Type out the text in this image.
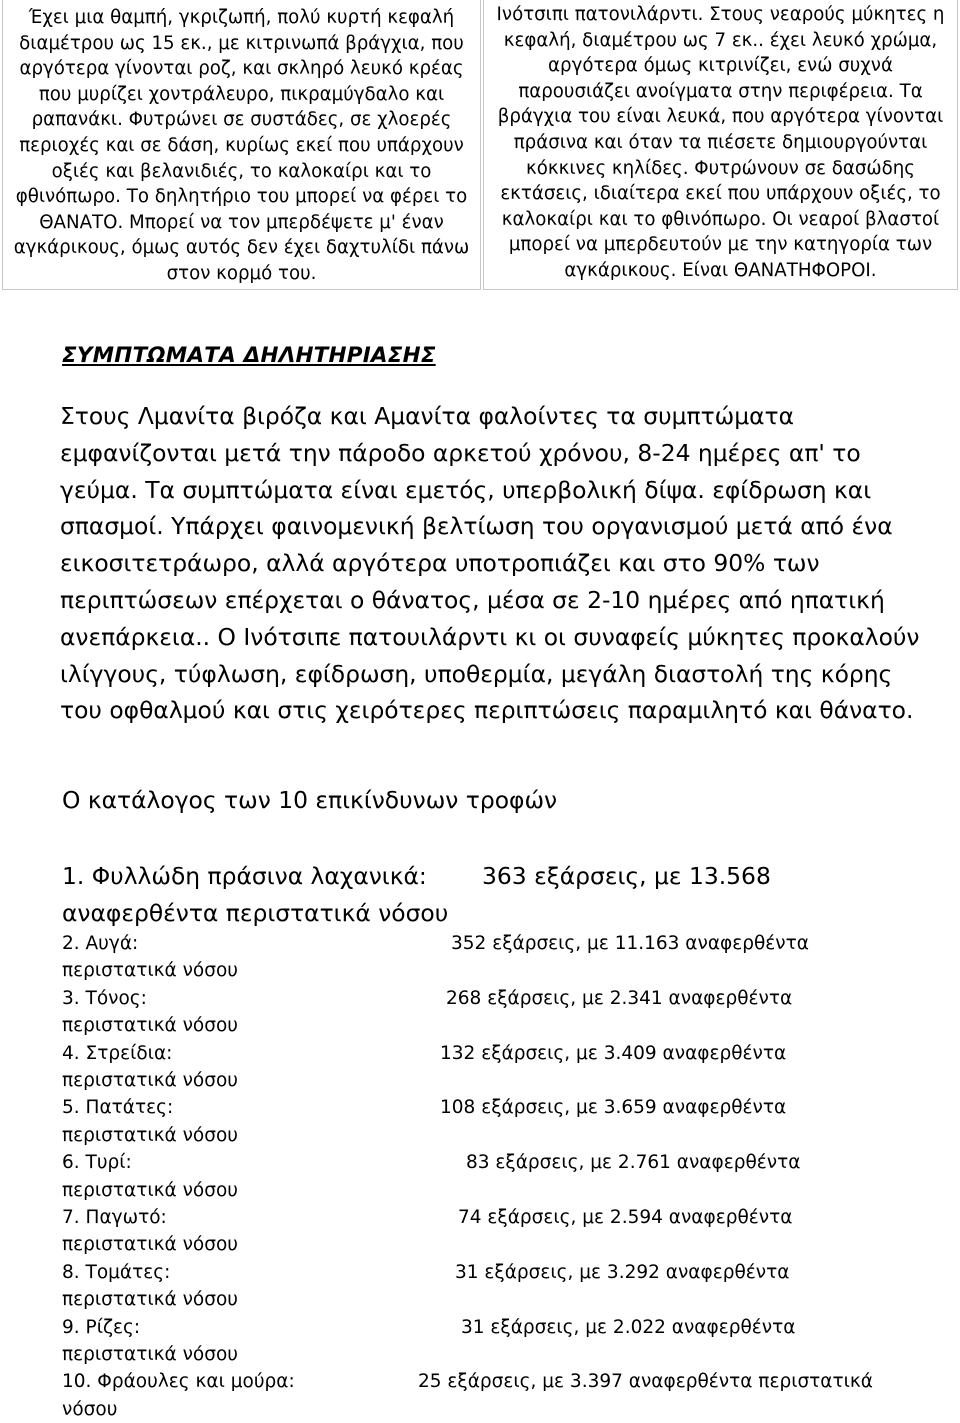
Έχει μια θαμπή, γκριζωπή, πολύ κυρτή κεφαλή διαμέτρου ως 15 εκ., με κιτρινωπά βράγχια, που αργότερα γίνονται ροζ, και σκληρό λευκό κρέας που μυρίζει χοντράλευρο, πικραμύγδαλο και ραπανάκι. Φυτρώνει σε συστάδες, σε χλοερές περιοχές και σε δάση, κυρίως εκεί που υπάρχουν οξιές και βελανιδιές, το καλοκαίρι και το φθινόπωρο. Το δηλητήριο του μπορεί να φέρει το ΘΑΝΑΤΟ. Μπορεί να τον μπερδέψετε μ' έναν αγκάρικους, όμως αυτός δεν έχει δαχτυλίδι πάνω στον κορμό του.
Ινότσιπι πατονιλάρντι. Στους νεαρούς μύκητες η κεφαλή, διαμέτρου ως 7 εκ.. έχει λευκό χρώμα, αργότερα όμως κιτρινίζει, ενώ συχνά παρουσιάζει ανοίγματα στην περιφέρεια. Τα βράγχια του είναι λευκά, που αργότερα γίνονται πράσινα και όταν τα πιέσετε δημιουργούνται κόκκινες κηλίδες. Φυτρώνουν σε δασώδης εκτάσεις, ιδιαίτερα εκεί που υπάρχουν οξιές, το καλοκαίρι και το φθινόπωρο. Οι νεαροί βλαστοί μπορεί να μπερδευτούν με την κατηγορία των αγκάρικους. Είναι ΘΑΝΑΤΗΦΟΡΟΙ.
ΣΥΜΠΤΩΜΑΤΑ ΔΗΛΗΤΗΡΙΑΣΗΣ

Στους Λμανίτα βιρόζα και Αμανίτα φαλοίντες τα συμπτώματα εμφανίζονται μετά την πάροδο αρκετού χρόνου, 8-24 ημέρες απ' το γεύμα. Τα συμπτώματα είναι εμετός, υπερβολική δίψα. εφίδρωση και σπασμοί. Υπάρχει φαινομενική βελτίωση του οργανισμού μετά από ένα εικοσιτετράωρο, αλλά αργότερα υποτροπιάζει και στο 90% των περιπτώσεων επέρχεται ο θάνατος, μέσα σε 2-10 ημέρες από ηπατική ανεπάρκεια.. Ο Ινότσιπε πατουιλάρντι κι οι συναφείς μύκητες προκαλούν ιλίγγους, τύφλωση, εφίδρωση, υποθερμία, μεγάλη διαστολή της κόρης του οφθαλμού και στις χειρότερες περιπτώσεις παραμιλητό και θάνατο.

Ο κατάλογος των 10 επικίνδυνων τροφών

1. Φυλλώδη πράσινα λαχανικά: 363 εξάρσεις, με 13.568
αναφερθέντα περιστατικά νόσου
2. Αυγά:	352 εξάρσεις, με 11.163 αναφερθέντα
περιστατικά νόσου
3. Τόνος:	268 εξάρσεις, με 2.341 αναφερθέντα
περιστατικά νόσου
4. Στρείδια:	132 εξάρσεις, με 3.409 αναφερθέντα
περιστατικά νόσου
5. Πατάτες:	108 εξάρσεις, με 3.659 αναφερθέντα
περιστατικά νόσου
6. Τυρί:	83 εξάρσεις, με 2.761 αναφερθέντα
περιστατικά νόσου
7. Παγωτό:	74 εξάρσεις, με 2.594 αναφερθέντα
περιστατικά νόσου
8. Τομάτες:	31 εξάρσεις, με 3.292 αναφερθέντα
περιστατικά νόσου
9. Ρίζες:	31 εξάρσεις, με 2.022 αναφερθέντα
περιστατικά νόσου
10. Φράουλες και μούρα:	25 εξάρσεις, με 3.397 αναφερθέντα περιστατικά
νόσου
